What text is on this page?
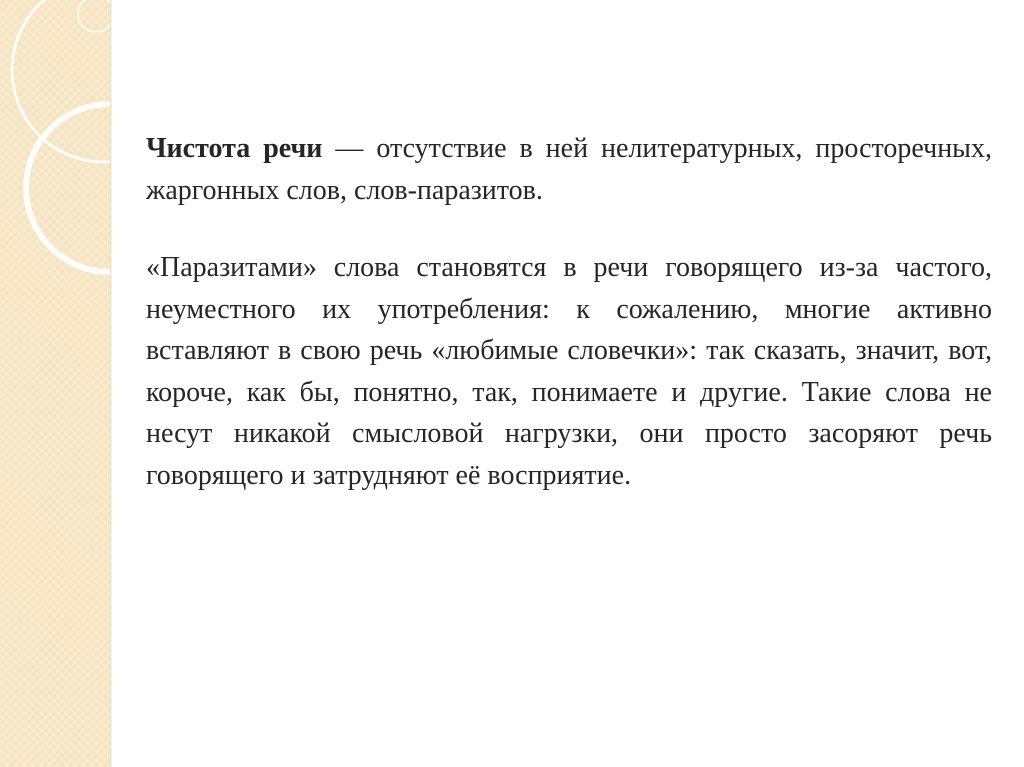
Чистота речи — отсутствие в ней нелитературных, просторечных, жаргонных слов, слов-паразитов.

«Паразитами» слова становятся в речи говорящего из-за частого, неуместного их употребления: к сожалению, многие активно вставляют в свою речь «любимые словечки»: так сказать, значит, вот, короче, как бы, понятно, так, понимаете и другие. Такие слова не несут никакой смысловой нагрузки, они просто засоряют речь говорящего и затрудняют её восприятие.
